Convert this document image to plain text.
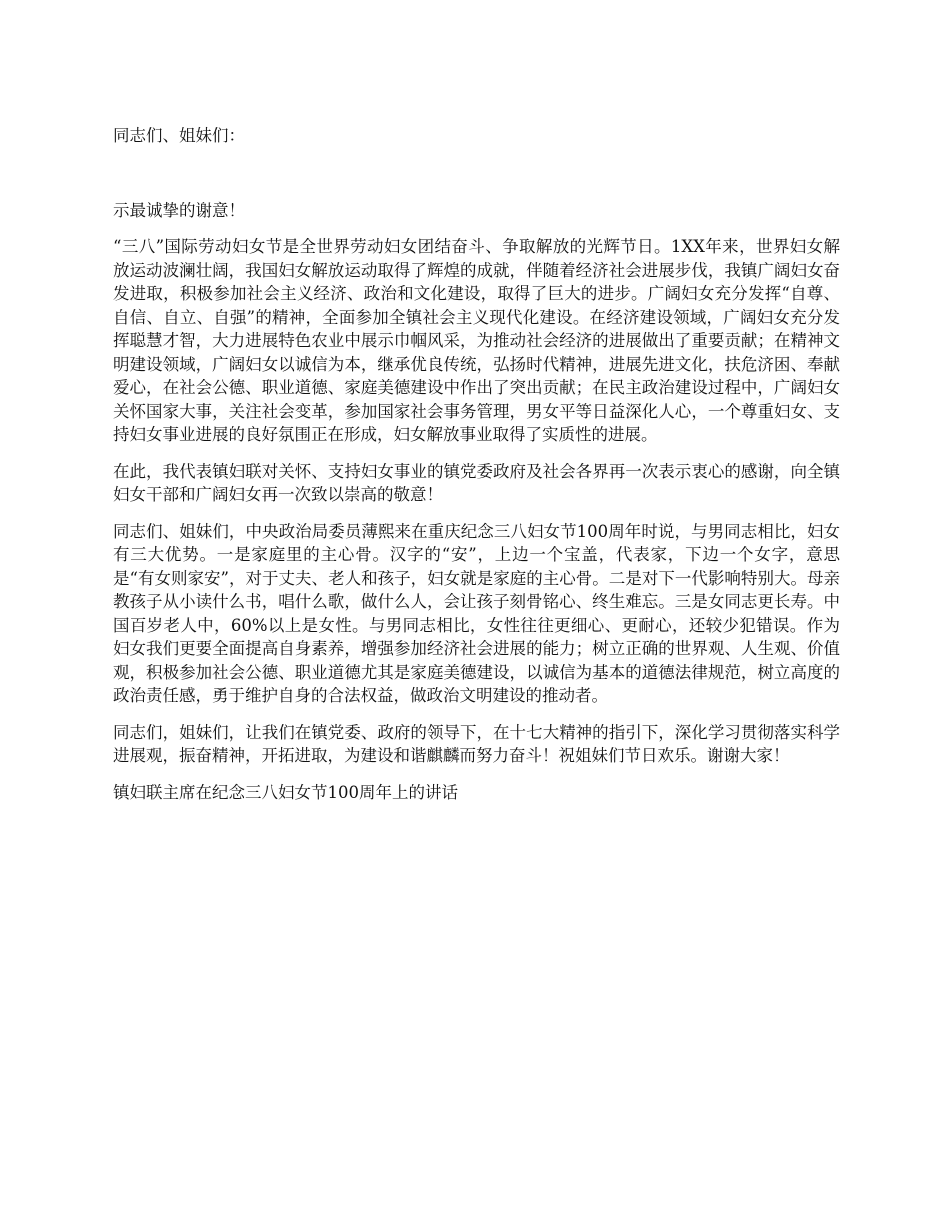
同志们、姐妹们：

示最诚挚的谢意！

“三八”国际劳动妇女节是全世界劳动妇女团结奋斗、争取解放的光辉节日。1XX年来，世界妇女解放运动波澜壮阔，我国妇女解放运动取得了辉煌的成就，伴随着经济社会进展步伐，我镇广阔妇女奋发进取，积极参加社会主义经济、政治和文化建设，取得了巨大的进步。广阔妇女充分发挥“自尊、自信、自立、自强”的精神，全面参加全镇社会主义现代化建设。在经济建设领域，广阔妇女充分发挥聪慧才智，大力进展特色农业中展示巾帼风采，为推动社会经济的进展做出了重要贡献；在精神文明建设领域，广阔妇女以诚信为本，继承优良传统，弘扬时代精神，进展先进文化，扶危济困、奉献爱心，在社会公德、职业道德、家庭美德建设中作出了突出贡献；在民主政治建设过程中，广阔妇女关怀国家大事，关注社会变革，参加国家社会事务管理，男女平等日益深化人心，一个尊重妇女、支持妇女事业进展的良好氛围正在形成，妇女解放事业取得了实质性的进展。

在此，我代表镇妇联对关怀、支持妇女事业的镇党委政府及社会各界再一次表示衷心的感谢，向全镇妇女干部和广阔妇女再一次致以崇高的敬意！

同志们、姐妹们，中央政治局委员薄熙来在重庆纪念三八妇女节100周年时说，与男同志相比，妇女有三大优势。一是家庭里的主心骨。汉字的“安”，上边一个宝盖，代表家，下边一个女字，意思是“有女则家安”，对于丈夫、老人和孩子，妇女就是家庭的主心骨。二是对下一代影响特别大。母亲教孩子从小读什么书，唱什么歌，做什么人，会让孩子刻骨铭心、终生难忘。三是女同志更长寿。中国百岁老人中，60%以上是女性。与男同志相比，女性往往更细心、更耐心，还较少犯错误。作为妇女我们更要全面提高自身素养，增强参加经济社会进展的能力；树立正确的世界观、人生观、价值观，积极参加社会公德、职业道德尤其是家庭美德建设，以诚信为基本的道德法律规范，树立高度的政治责任感，勇于维护自身的合法权益，做政治文明建设的推动者。

同志们，姐妹们，让我们在镇党委、政府的领导下，在十七大精神的指引下，深化学习贯彻落实科学进展观，振奋精神，开拓进取，为建设和谐麒麟而努力奋斗！祝姐妹们节日欢乐。谢谢大家！

镇妇联主席在纪念三八妇女节100周年上的讲话
